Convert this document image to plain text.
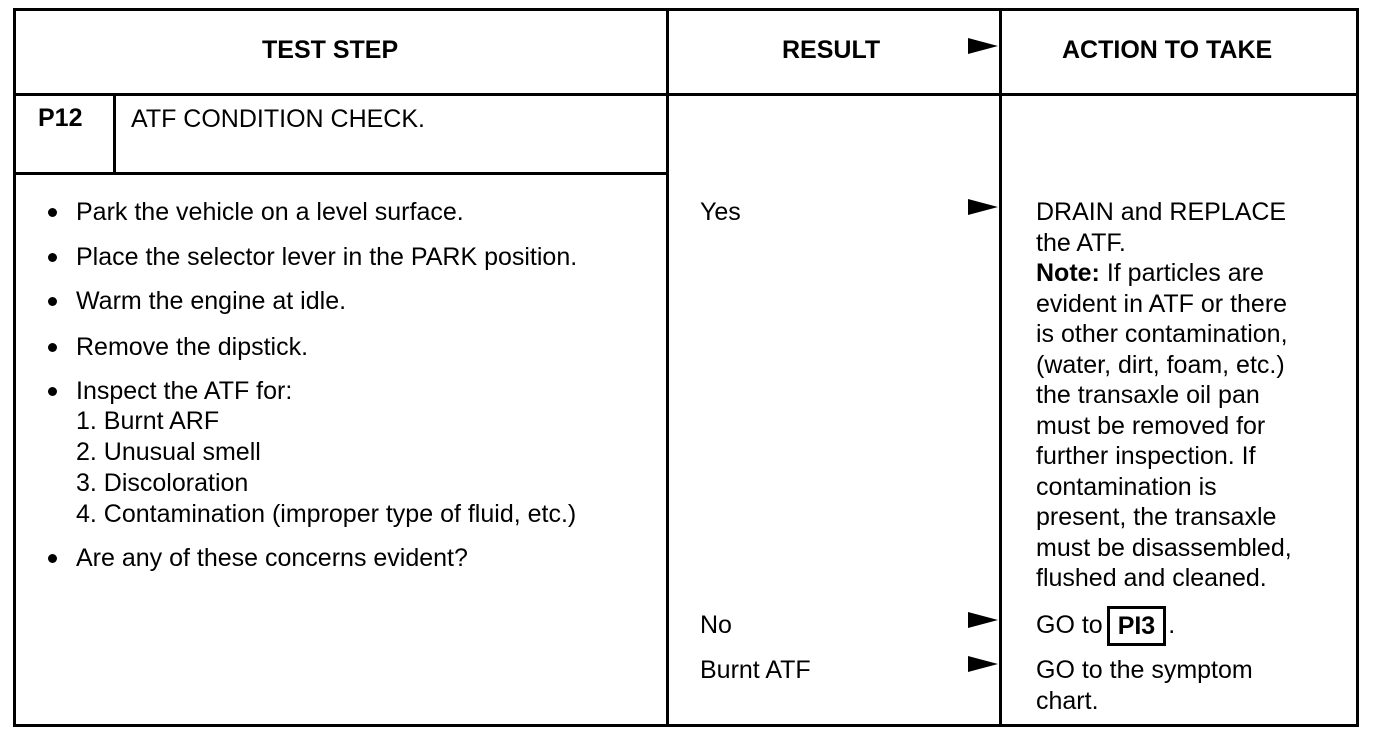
TEST STEP	RESULT	ACTION TO TAKE
P12 ATF CONDITION CHECK.
Park the vehicle on a level surface.
Place the selector lever in the PARK position.
Warm the engine at idle.
Remove the dipstick.
Inspect the ATF for:
1. Burnt ARF
2. Unusual smell
3. Discoloration
4. Contamination (improper type of fluid, etc.)
Are any of these concerns evident?
Yes
No
Burnt ATF
DRAIN and REPLACE
the ATF.
Note: If particles are
evident in ATF or there
is other contamination,
(water, dirt, foam, etc.)
the transaxle oil pan
must be removed for
further inspection. If
contamination is
present, the transaxle
must be disassembled,
flushed and cleaned.
GO to PI3 .
GO to the symptom
chart.
